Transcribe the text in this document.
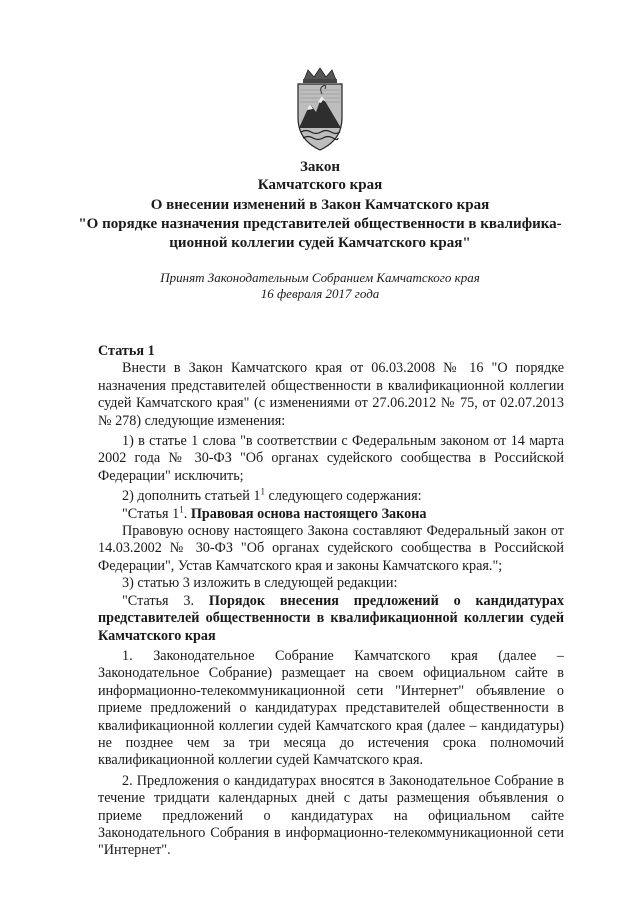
Закон
Камчатского края
О внесении изменений в Закон Камчатского края
"О порядке назначения представителей общественности в квалифика-
ционной коллегии судей Камчатского края"
Принят Законодательным Собранием Камчатского края
16 февраля 2017 года

Статья 1

Внести в Закон Камчатского края от 06.03.2008 № 16 "О порядке назначения представителей общественности в квалификационной коллегии судей Камчатского края" (с изменениями от 27.06.2012 № 75, от 02.07.2013 № 278) следующие изменения:

1) в статье 1 слова "в соответствии с Федеральным законом от 14 марта 2002 года № 30-ФЗ "Об органах судейского сообщества в Российской Федерации" исключить;

2) дополнить статьей $1^1$ следующего содержания:

"Статья $1^1$. Правовая основа настоящего Закона

Правовую основу настоящего Закона составляют Федеральный закон от 14.03.2002 № 30-ФЗ "Об органах судейского сообщества в Российской Федерации", Устав Камчатского края и законы Камчатского края.";

3) статью 3 изложить в следующей редакции:

"Статья 3. Порядок внесения предложений о кандидатурах представителей общественности в квалификационной коллегии судей Камчатского края

1. Законодательное Собрание Камчатского края (далее – Законодательное Собрание) размещает на своем официальном сайте в информационно-телекоммуникационной сети "Интернет" объявление о приеме предложений о кандидатурах представителей общественности в квалификационной коллегии судей Камчатского края (далее – кандидатуры) не позднее чем за три месяца до истечения срока полномочий квалификационной коллегии судей Камчатского края.

2. Предложения о кандидатурах вносятся в Законодательное Собрание в течение тридцати календарных дней с даты размещения объявления о приеме предложений о кандидатурах на официальном сайте Законодательного Собрания в информационно-телекоммуникационной сети "Интернет".
